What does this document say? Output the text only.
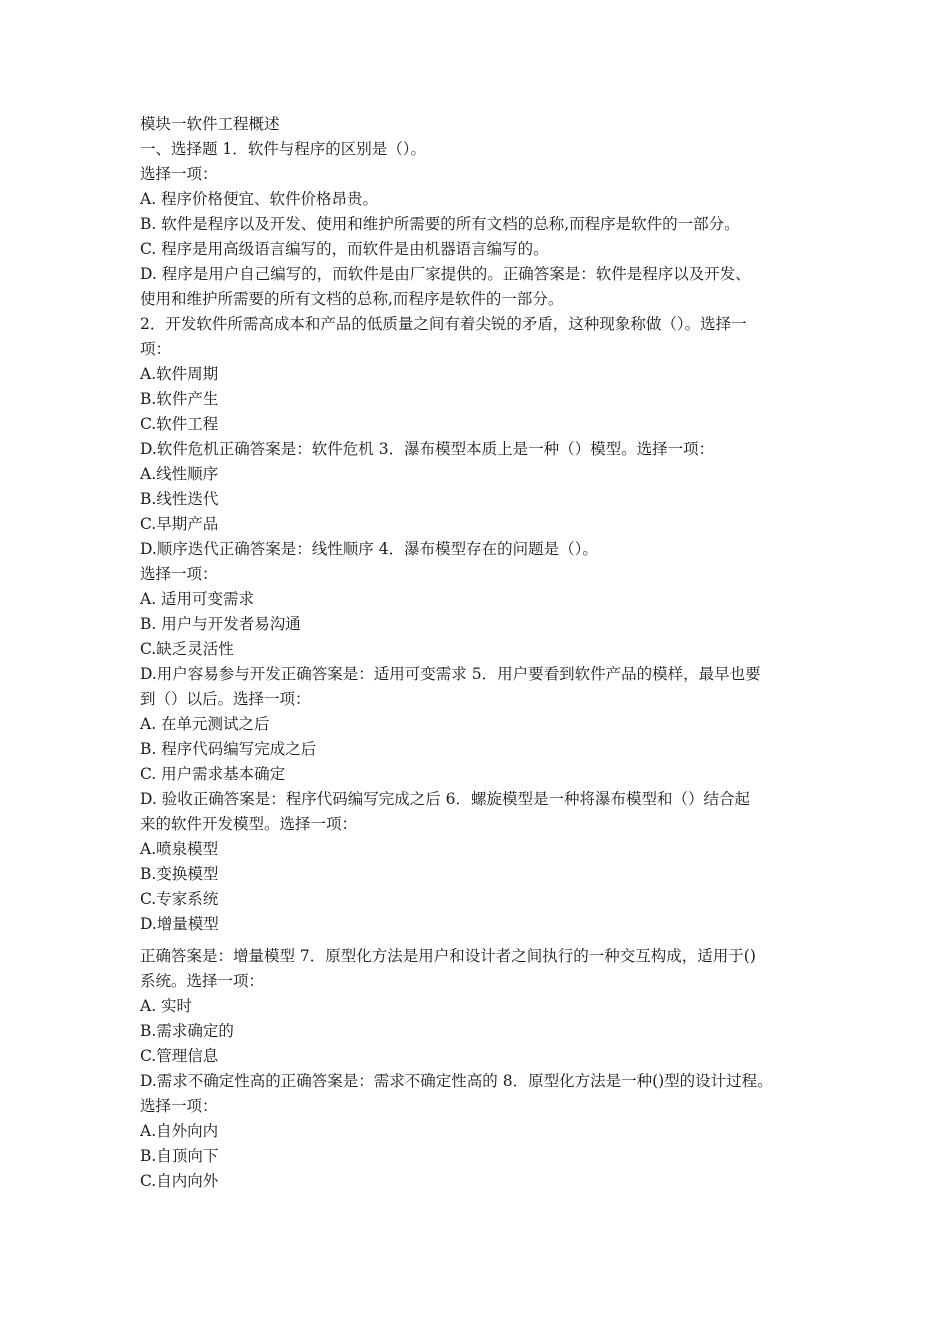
模块一软件工程概述

一、选择题 1．软件与程序的区别是（）。

选择一项：

A. 程序价格便宜、软件价格昂贵。

B. 软件是程序以及开发、使用和维护所需要的所有文档的总称,而程序是软件的一部分。

C. 程序是用高级语言编写的，而软件是由机器语言编写的。

D. 程序是用户自己编写的，而软件是由厂家提供的。正确答案是：软件是程序以及开发、

使用和维护所需要的所有文档的总称,而程序是软件的一部分。

2．开发软件所需高成本和产品的低质量之间有着尖锐的矛盾，这种现象称做（）。选择一

项：

A.软件周期

B.软件产生

C.软件工程

D.软件危机正确答案是：软件危机 3．瀑布模型本质上是一种（）模型。选择一项：

A.线性顺序

B.线性迭代

C.早期产品

D.顺序迭代正确答案是：线性顺序 4．瀑布模型存在的问题是（）。

选择一项：

A. 适用可变需求

B. 用户与开发者易沟通

C.缺乏灵活性

D.用户容易参与开发正确答案是：适用可变需求 5．用户要看到软件产品的模样，最早也要

到（）以后。选择一项：

A. 在单元测试之后

B. 程序代码编写完成之后

C. 用户需求基本确定

D. 验收正确答案是：程序代码编写完成之后 6．螺旋模型是一种将瀑布模型和（）结合起

来的软件开发模型。选择一项：

A.喷泉模型

B.变换模型

C.专家系统

D.增量模型

正确答案是：增量模型 7．原型化方法是用户和设计者之间执行的一种交互构成，适用于()

系统。选择一项：

A. 实时

B.需求确定的

C.管理信息

D.需求不确定性高的正确答案是：需求不确定性高的 8．原型化方法是一种()型的设计过程。

选择一项：

A.自外向内

B.自顶向下

C.自内向外
